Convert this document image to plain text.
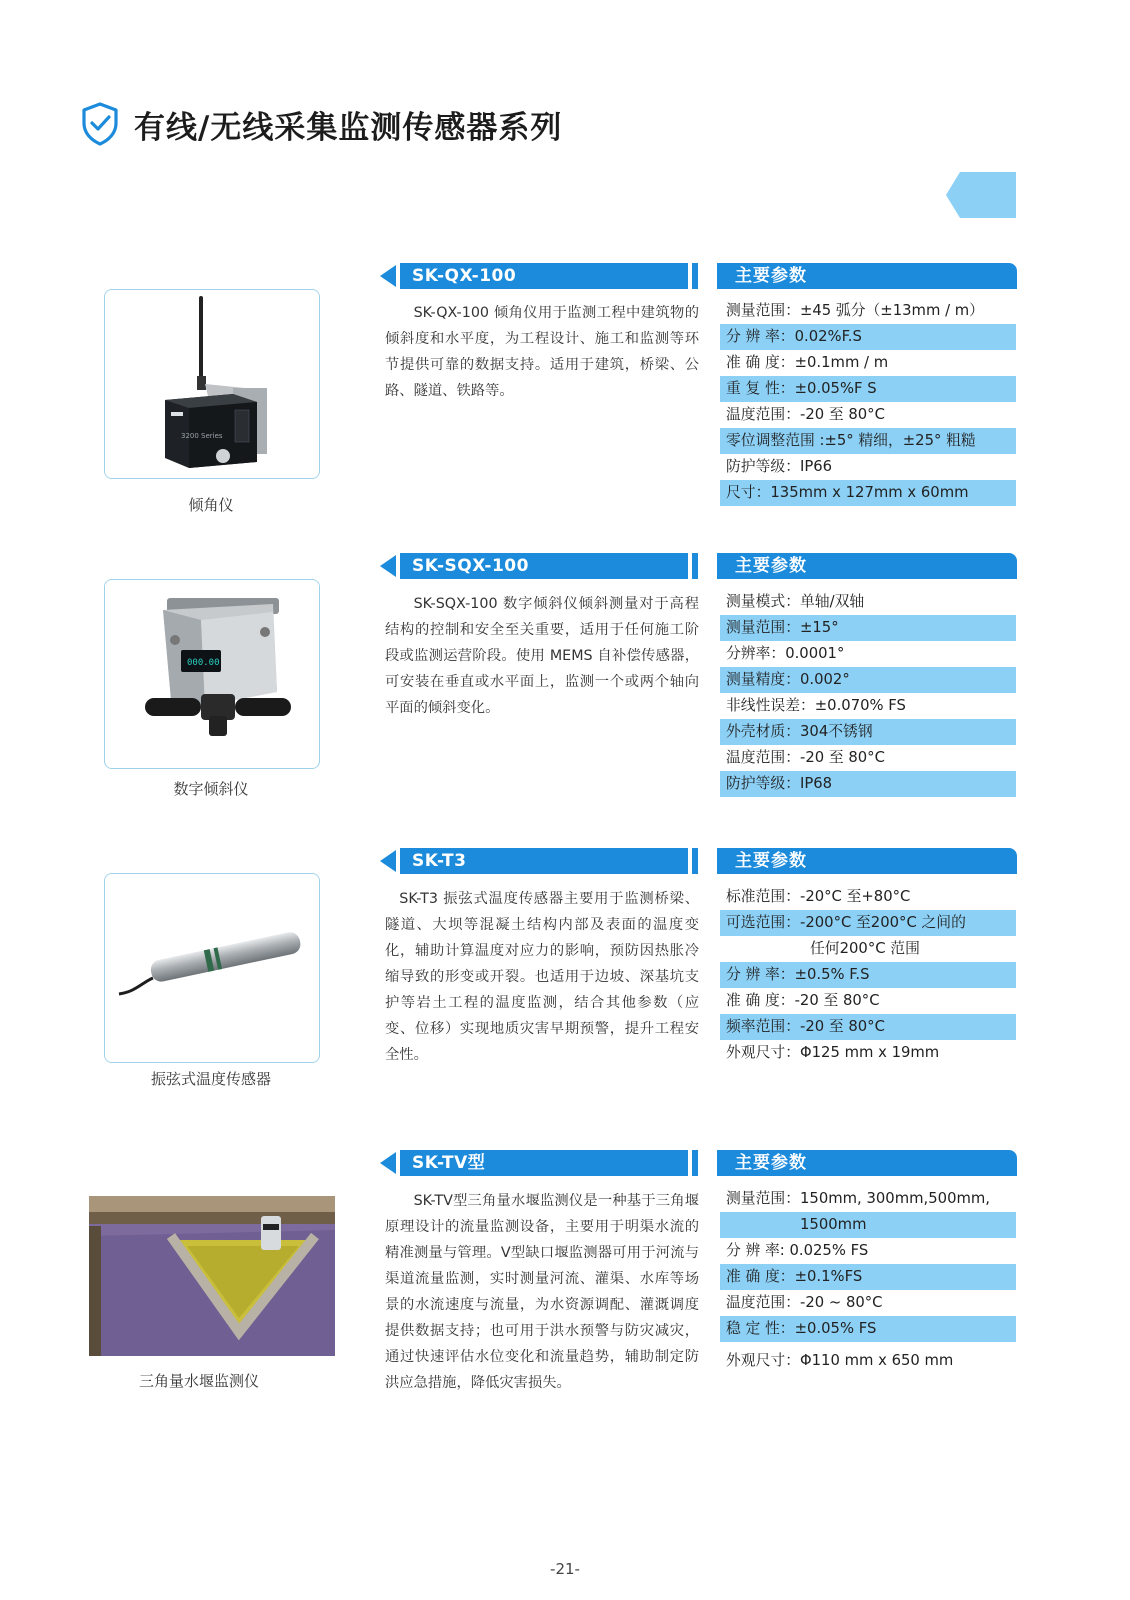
有线/无线采集监测传感器系列
3200 Series
倾角仪
SK-QX-100	主要参数
SK-QX-100 倾角仪用于监测工程中建筑物的倾斜度和水平度，为工程设计、施工和监测等环节提供可靠的数据支持。适用于建筑，桥梁、公路、隧道、铁路等。
测量范围：±45 弧分（±13mm / m）
分 辨 率：0.02%F.S
准 确 度：±0.1mm / m
重 复 性：±0.05%F S
温度范围：-20 至 80°C
零位调整范围 :±5° 精细，±25° 粗糙
防护等级：IP66
尺寸：135mm x 127mm x 60mm
000.00
数字倾斜仪
SK-SQX-100	主要参数
SK-SQX-100 数字倾斜仪倾斜测量对于高程结构的控制和安全至关重要，适用于任何施工阶段或监测运营阶段。使用 MEMS 自补偿传感器，可安装在垂直或水平面上，监测一个或两个轴向平面的倾斜变化。
测量模式：单轴/双轴
测量范围：±15°
分辨率：0.0001°
测量精度：0.002°
非线性误差：±0.070% FS
外壳材质：304不锈钢
温度范围：-20 至 80°C
防护等级：IP68
振弦式温度传感器
SK-T3	主要参数
SK-T3 振弦式温度传感器主要用于监测桥梁、隧道、大坝等混凝土结构内部及表面的温度变化，辅助计算温度对应力的影响，预防因热胀冷缩导致的形变或开裂。也适用于边坡、深基坑支护等岩土工程的温度监测，结合其他参数（应变、位移）实现地质灾害早期预警，提升工程安全性。
标准范围：-20°C 至+80°C
可选范围：-200°C 至200°C 之间的
任何200°C 范围
分 辨 率：±0.5% F.S
准 确 度：-20 至 80°C
频率范围：-20 至 80°C
外观尺寸：Φ125 mm x 19mm
三角量水堰监测仪
SK-TV型	主要参数
SK-TV型三角量水堰监测仪是一种基于三角堰原理设计的流量监测设备，主要用于明渠水流的精准测量与管理。V型缺口堰监测器可用于河流与渠道流量监测，实时测量河流、灌渠、水库等场景的水流速度与流量，为水资源调配、灌溉调度提供数据支持；也可用于洪水预警与防灾减灾，通过快速评估水位变化和流量趋势，辅助制定防洪应急措施，降低灾害损失。
测量范围：150mm, 300mm,500mm,
1500mm
分 辨 率: 0.025% FS
准 确 度：±0.1%FS
温度范围：-20 ~ 80°C
稳 定 性：±0.05% FS
外观尺寸：Φ110 mm x 650 mm
-21-
